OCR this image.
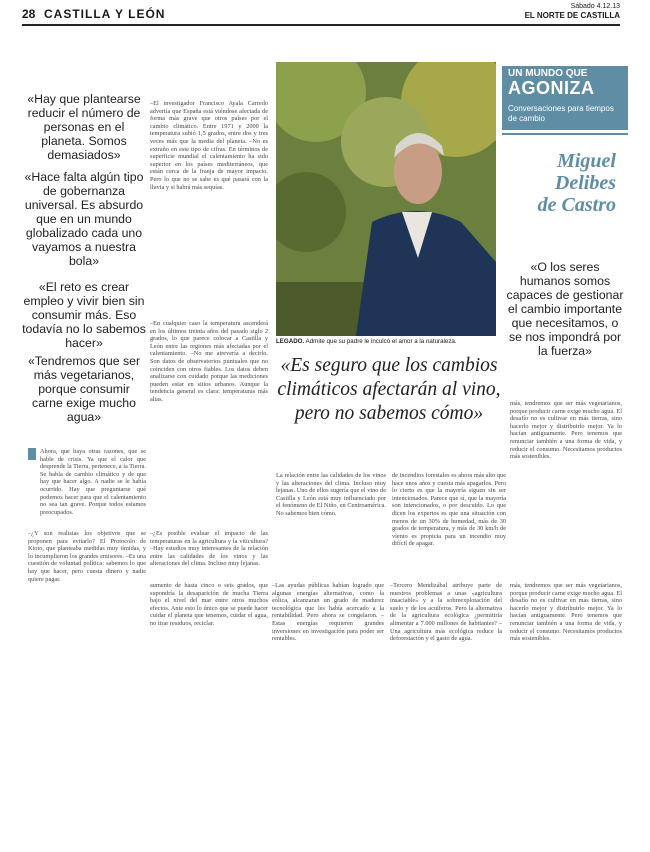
28 CASTILLA Y LEÓN
Sábado 4.12.13
EL NORTE DE CASTILLA
«Hay que plantearse reducir el número de personas en el planeta. Somos demasiados»
«Hace falta algún tipo de gobernanza universal. Es absurdo que en un mundo globalizado cada uno vayamos a nuestra bola»
«El reto es crear empleo y vivir bien sin consumir más. Eso todavía no lo sabemos hacer»
«Tendremos que ser más vegetarianos, porque consumir carne exige mucho agua»
Ahora, que haya otras razones, que se hable de crisis. Ya que el calor que desprende la Tierra, pertenece, a la Tierra. Se habla de cambio climático y de que hay que hacer algo. A nadie se le había ocurrido. Hay que preguntarse qué podemos hacer para que el calentamiento no sea tan grave. Porque todos estamos preocupados.
–¿Y son realistas los objetivos que se proponen para evitarlo? El Protocolo de Kioto, que planteaba medidas muy tímidas, y lo incumplieron los grandes emisores. –Es una cuestión de voluntad política: sabemos lo que hay que hacer, pero cuesta dinero y nadie quiere pagar.
–El investigador Francisco Ayala Carredo advertía que España está viéndose afectada de forma más grave que otros países por el cambio climático. Entre 1971 y 2000 la temperatura subió 1,5 grados, entre dos y tres veces más que la media del planeta. –No es extraño en este tipo de cifras. En términos de superficie mundial el calentamiento ha sido superior en los países mediterráneos, que están cerca de la franja de mayor impacto. Pero lo que no se sabe es qué pasará con la lluvia y si habrá más sequías.
–En cualquier caso la temperatura ascenderá en los últimos treinta años del pasado siglo 2 grados, lo que parece colocar a Castilla y León entre las regiones más afectadas por el calentamiento. –No me atrevería a decirlo. Son datos de observatorios puntuales que no coinciden con otros fiables. Los datos deben analizarse con cuidado porque las mediciones pueden estar en sitios urbanos. Aunque la tendencia general es clara: temperaturas más altas.
–¿Es posible evaluar el impacto de las temperaturas en la agricultura y la viticultura? –Hay estudios muy interesantes de la relación entre las calidades de los vinos y las alteraciones del clima. Incluso muy lejanas.
LEGADO. Admite que su padre le inculcó el amor a la naturaleza.
UN MUNDO QUE
AGONIZA
Conversaciones para tiempos de cambio
Miguel
Delibes
de Castro
«O los seres humanos somos capaces de gestionar el cambio importante que necesitamos, o se nos impondrá por la fuerza»
«Es seguro que los cambios climáticos afectarán al vino, pero no sabemos cómo»	más, tendremos que ser más vegetarianos, porque producir carne exige mucho agua. El desafío no es cultivar en más tierras, sino hacerlo mejor y distribuirlo mejor. Ya lo hacían antiguamente. Pero tenemos que renunciar también a una forma de vida, y reducir el consumo. Necesitamos productos más sostenibles.
de incendios forestales es ahora más alto que hace unos años y cuesta más apagarlos. Pero lo cierto es que la mayoría siguen sin ser intencionados. Parece que sí, que la mayoría son intencionados, o por descuido. Lo que dicen los expertos es que una situación con menos de un 30% de humedad, más de 30 grados de temperatura, y más de 30 km/h de viento es propicia para un incendio muy difícil de apagar.
La relación entre las calidades de los vinos y las alteraciones del clima. Incluso muy lejanas. Uno de ellos sugería que el vino de Castilla y León está muy influenciado por el fenómeno de El Niño, en Centroamérica. No sabemos bien cómo.
aumento de hasta cinco o seis grados, que supondría la desaparición de mucha Tierra bajo el nivel del mar entre otros muchos efectos. Ante esto lo único que se puede hacer cuidar el planeta que tenemos, cuidar el agua, no tirar residuos, reciclar.
–Las ayudas públicas habían logrado que algunas energías alternativas, como la eólica, alcanzaran un grado de madurez tecnológica que les había acercado a la rentabilidad. Pero ahora se congelaron. –Estas energías requieren grandes inversiones en investigación para poder ser rentables.
–Tercero Mendizábal atribuye parte de nuestros problemas a unas «agricultura insaciable» y a la sobreexplotación del suelo y de los acuíferos. Pero la alternativa de la agricultura ecológica ¿permitiría alimentar a 7.000 millones de habitantes? –Una agricultura más ecológica reduce la deforestación y el gasto de agua.
más, tendremos que ser más vegetarianos, porque producir carne exige mucho agua. El desafío no es cultivar en más tierras, sino hacerlo mejor y distribuirlo mejor. Ya lo hacían antiguamente. Pero tenemos que renunciar también a una forma de vida, y reducir el consumo. Necesitamos productos más sostenibles.
